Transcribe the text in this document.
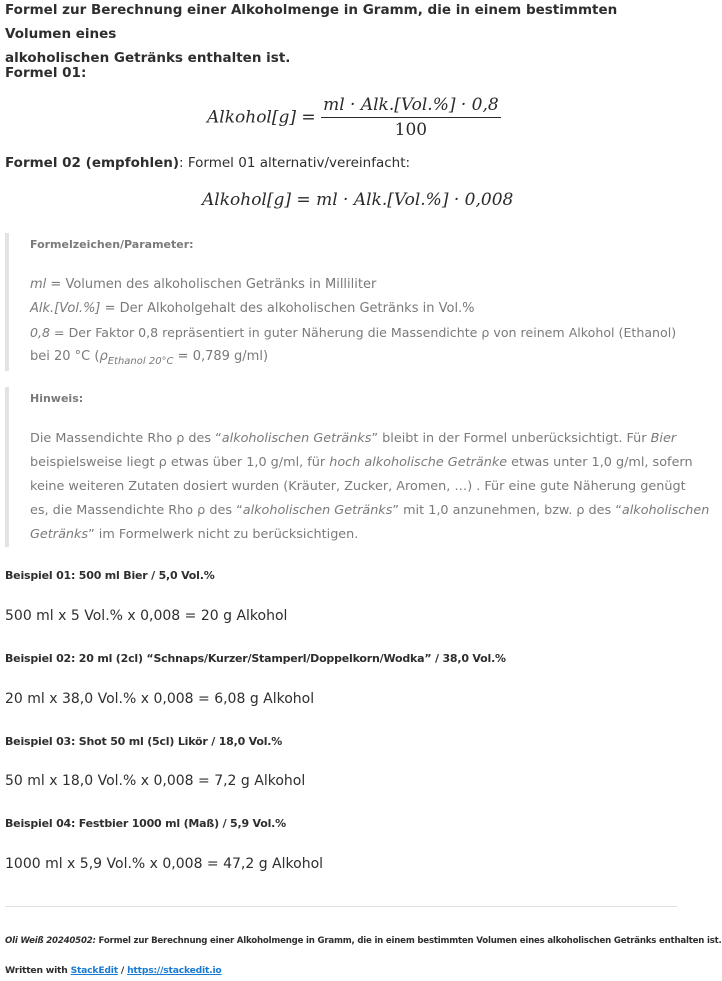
Formel zur Berechnung einer Alkoholmenge in Gramm, die in einem bestimmten Volumen eines
alkoholischen Getränks enthalten ist.
Formel 01:
Alkohol[g] = $\frac{\text{ml · Alk.[Vol.\%] · 0,8}}{100}$
Formel 02 (empfohlen): Formel 01 alternativ/vereinfacht:
Alkohol[g] = ml · Alk.[Vol.%] · 0,008
Formelzeichen/Parameter:
ml = Volumen des alkoholischen Getränks in Milliliter
Alk.[Vol.%] = Der Alkoholgehalt des alkoholischen Getränks in Vol.%
0,8 = Der Faktor 0,8 repräsentiert in guter Näherung die Massendichte ρ von reinem Alkohol (Ethanol)
bei 20 °C ($\rho_{Ethanol 20^\circ C} = 0,789$ g/ml)
Hinweis:
Die Massendichte Rho ρ des “alkoholischen Getränks” bleibt in der Formel unberücksichtigt. Für Bier
beispielsweise liegt ρ etwas über 1,0 g/ml, für hoch alkoholische Getränke etwas unter 1,0 g/ml, sofern
keine weiteren Zutaten dosiert wurden (Kräuter, Zucker, Aromen, …) . Für eine gute Näherung genügt
es, die Massendichte Rho ρ des “alkoholischen Getränks” mit 1,0 anzunehmen, bzw. ρ des “alkoholischen
Getränks” im Formelwerk nicht zu berücksichtigen.
Beispiel 01: 500 ml Bier / 5,0 Vol.%
500 ml x 5 Vol.% x 0,008 = 20 g Alkohol
Beispiel 02: 20 ml (2cl) “Schnaps/Kurzer/Stamperl/Doppelkorn/Wodka” / 38,0 Vol.%
20 ml x 38,0 Vol.% x 0,008 = 6,08 g Alkohol
Beispiel 03: Shot 50 ml (5cl) Likör / 18,0 Vol.%
50 ml x 18,0 Vol.% x 0,008 = 7,2 g Alkohol
Beispiel 04: Festbier 1000 ml (Maß) / 5,9 Vol.%
1000 ml x 5,9 Vol.% x 0,008 = 47,2 g Alkohol
Oli Weiß 20240502: Formel zur Berechnung einer Alkoholmenge in Gramm, die in einem bestimmten Volumen eines alkoholischen Getränks enthalten ist.
Written with StackEdit / https://stackedit.io
